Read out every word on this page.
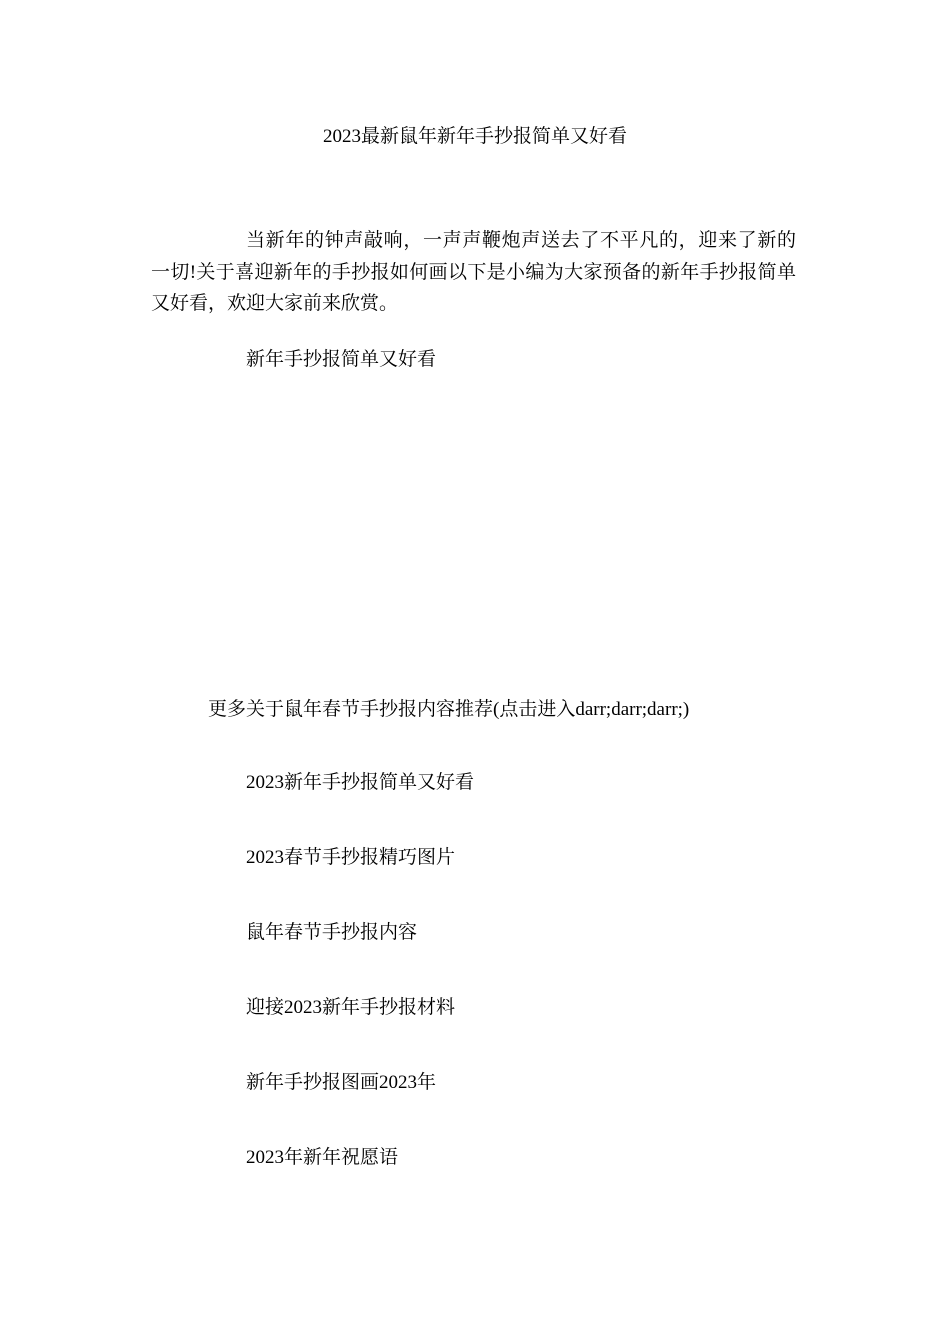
2023最新鼠年新年手抄报简单又好看

当新年的钟声敲响，一声声鞭炮声送去了不平凡的，迎来了新的一切!关于喜迎新年的手抄报如何画以下是小编为大家预备的新年手抄报简单又好看，欢迎大家前来欣赏。

新年手抄报简单又好看
更多关于鼠年春节手抄报内容推荐(点击进入darr;darr;darr;)
2023新年手抄报简单又好看
2023春节手抄报精巧图片
鼠年春节手抄报内容
迎接2023新年手抄报材料
新年手抄报图画2023年
2023年新年祝愿语
